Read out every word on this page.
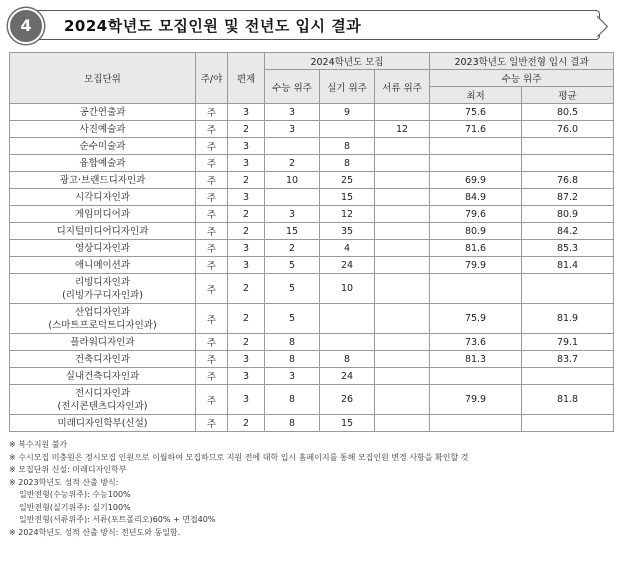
4	2024학년도 모집인원 및 전년도 입시 결과
모집단위	주/야	편제	2024학년도 모집			2023학년도 일반전형 입시 결과	
			수능 위주	실기 위주	서류 위주	수능 위주	
						최저	평균

공간연출과	주	3	3	9		75.6	80.5

사진예술과	주	2	3		12	71.6	76.0

순수미술과	주	3		8			

융합예술과	주	3	2	8			

광고·브랜드디자인과	주	2	10	25		69.9	76.8

시각디자인과	주	3		15		84.9	87.2

게임미디어과	주	2	3	12		79.6	80.9

디지털미디어디자인과	주	2	15	35		80.9	84.2

영상디자인과	주	3	2	4		81.6	85.3

애니메이션과	주	3	5	24		79.9	81.4

리빙디자인과
(리빙가구디자인과)	주	2	5	10			

산업디자인과
(스마트프로덕트디자인과)	주	2	5			75.9	81.9

플라워디자인과	주	2	8			73.6	79.1

건축디자인과	주	3	8	8		81.3	83.7

실내건축디자인과	주	3	3	24			

전시디자인과
(전시콘텐츠디자인과)	주	3	8	26		79.9	81.8

미래디자인학부(신설)	주	2	8	15			
※ 복수지원 불가
※ 수시모집 미충원은 정시모집 인원으로 이월하여 모집하므로 지원 전에 대학 입시 홈페이지를 통해 모집인원 변경 사항을 확인할 것
※ 모집단위 신설: 미래디자인학부
※ 2023학년도 성적 산출 방식:
일반전형(수능위주): 수능100%
일반전형(실기위주): 실기100%
일반전형(서류위주): 서류(포트폴리오)60% + 면접40%
※ 2024학년도 성적 산출 방식: 전년도와 동일함.
